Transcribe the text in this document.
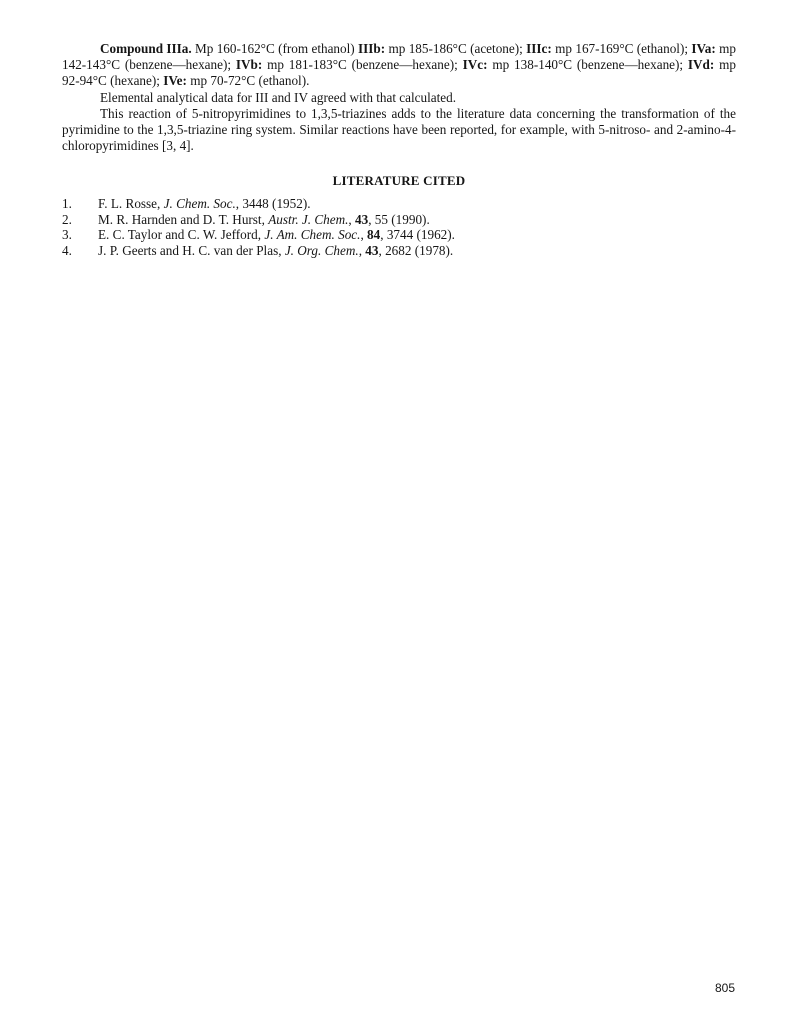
Compound IIIa. Mp 160-162°C (from ethanol) IIIb: mp 185-186°C (acetone); IIIc: mp 167-169°C (ethanol); IVa: mp 142-143°C (benzene—hexane); IVb: mp 181-183°C (benzene—hexane); IVc: mp 138-140°C (benzene—hexane); IVd: mp 92-94°C (hexane); IVe: mp 70-72°C (ethanol).

Elemental analytical data for III and IV agreed with that calculated.

This reaction of 5-nitropyrimidines to 1,3,5-triazines adds to the literature data concerning the transformation of the pyrimidine to the 1,3,5-triazine ring system. Similar reactions have been reported, for example, with 5-nitroso- and 2-amino-4-chloropyrimidines [3, 4].

LITERATURE CITED
1.	F. L. Rosse, J. Chem. Soc., 3448 (1952).
2.	M. R. Harnden and D. T. Hurst, Austr. J. Chem., 43, 55 (1990).
3.	E. C. Taylor and C. W. Jefford, J. Am. Chem. Soc., 84, 3744 (1962).
4.	J. P. Geerts and H. C. van der Plas, J. Org. Chem., 43, 2682 (1978).
805
